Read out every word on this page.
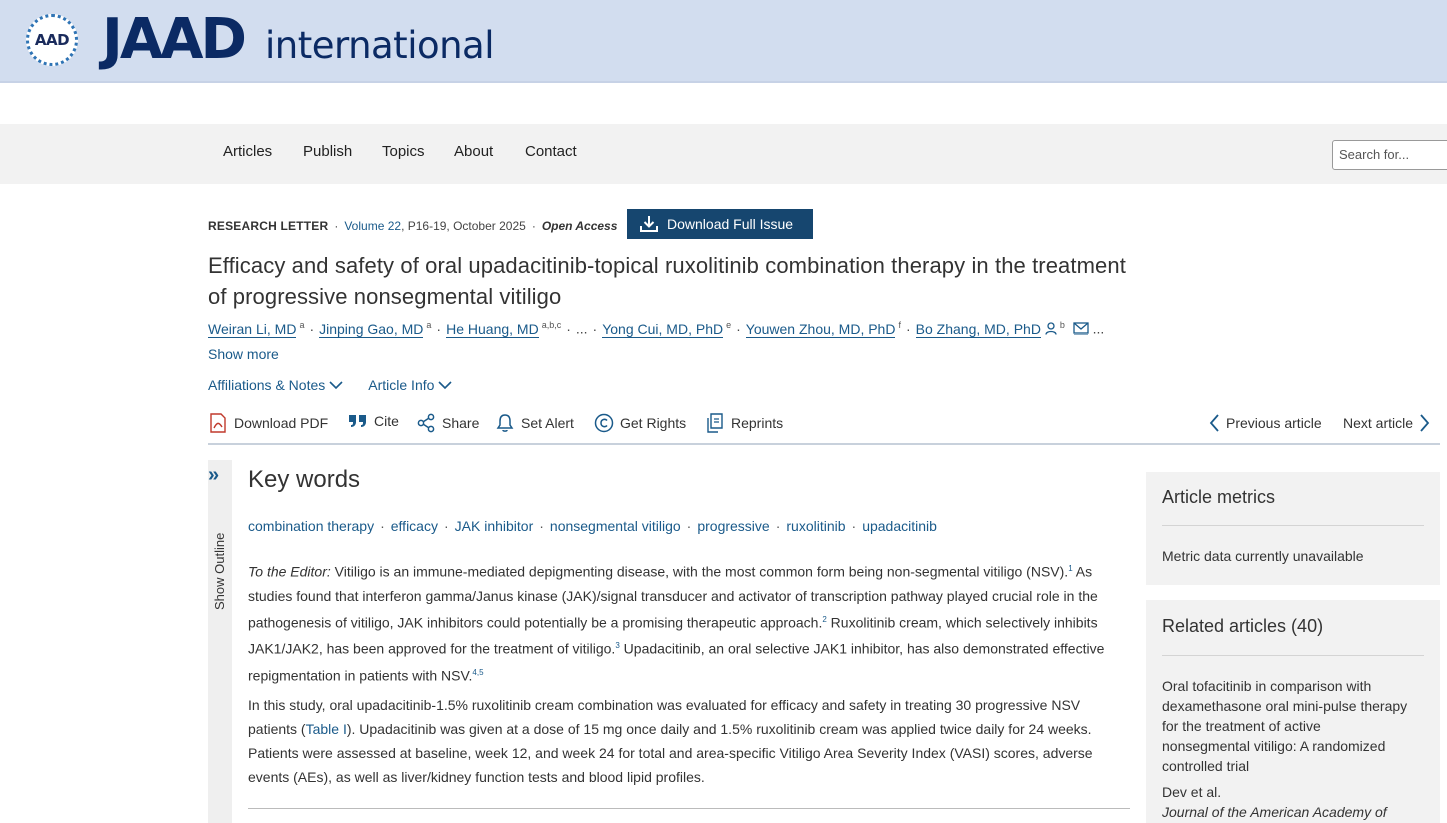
AAD JAAD international
Articles Publish Topics About Contact	Search for...
RESEARCH LETTER · Volume 22, P16-19, October 2025 · Open Access	Download Full Issue
Efficacy and safety of oral upadacitinib-topical ruxolitinib combination therapy in the treatment of progressive nonsegmental vitiligo
Weiran Li, MD $^a$ · Jinping Gao, MD $^a$ · He Huang, MD $^{a,b,c}$ · ... · Yong Cui, MD, PhD $^e$ · Youwen Zhou, MD, PhD $^f$ · Bo Zhang, MD, PhD $^b$ ...
Show more
Affiliations & Notes	Article Info
Download PDF	Cite	Share	Set Alert	Get Rights	Reprints	Previous article Next article
»
Show Outline
Key words
combination therapy · efficacy · JAK inhibitor · nonsegmental vitiligo · progressive · ruxolitinib · upadacitinib

To the Editor: Vitiligo is an immune-mediated depigmenting disease, with the most common form being non-segmental vitiligo (NSV).$^1$ As studies found that interferon gamma/Janus kinase (JAK)/signal transducer and activator of transcription pathway played crucial role in the pathogenesis of vitiligo, JAK inhibitors could potentially be a promising therapeutic approach.$^2$ Ruxolitinib cream, which selectively inhibits JAK1/JAK2, has been approved for the treatment of vitiligo.$^3$ Upadacitinib, an oral selective JAK1 inhibitor, has also demonstrated effective repigmentation in patients with NSV.$^{4,5}$

In this study, oral upadacitinib-1.5% ruxolitinib cream combination was evaluated for efficacy and safety in treating 30 progressive NSV patients (Table I). Upadacitinib was given at a dose of 15 mg once daily and 1.5% ruxolitinib cream was applied twice daily for 24 weeks. Patients were assessed at baseline, week 12, and week 24 for total and area-specific Vitiligo Area Severity Index (VASI) scores, adverse events (AEs), as well as liver/kidney function tests and blood lipid profiles.

Article metrics
Metric data currently unavailable
Related articles (40)
Oral tofacitinib in comparison with dexamethasone oral mini-pulse therapy for the treatment of active nonsegmental vitiligo: A randomized controlled trial
Dev et al.
Journal of the American Academy of
